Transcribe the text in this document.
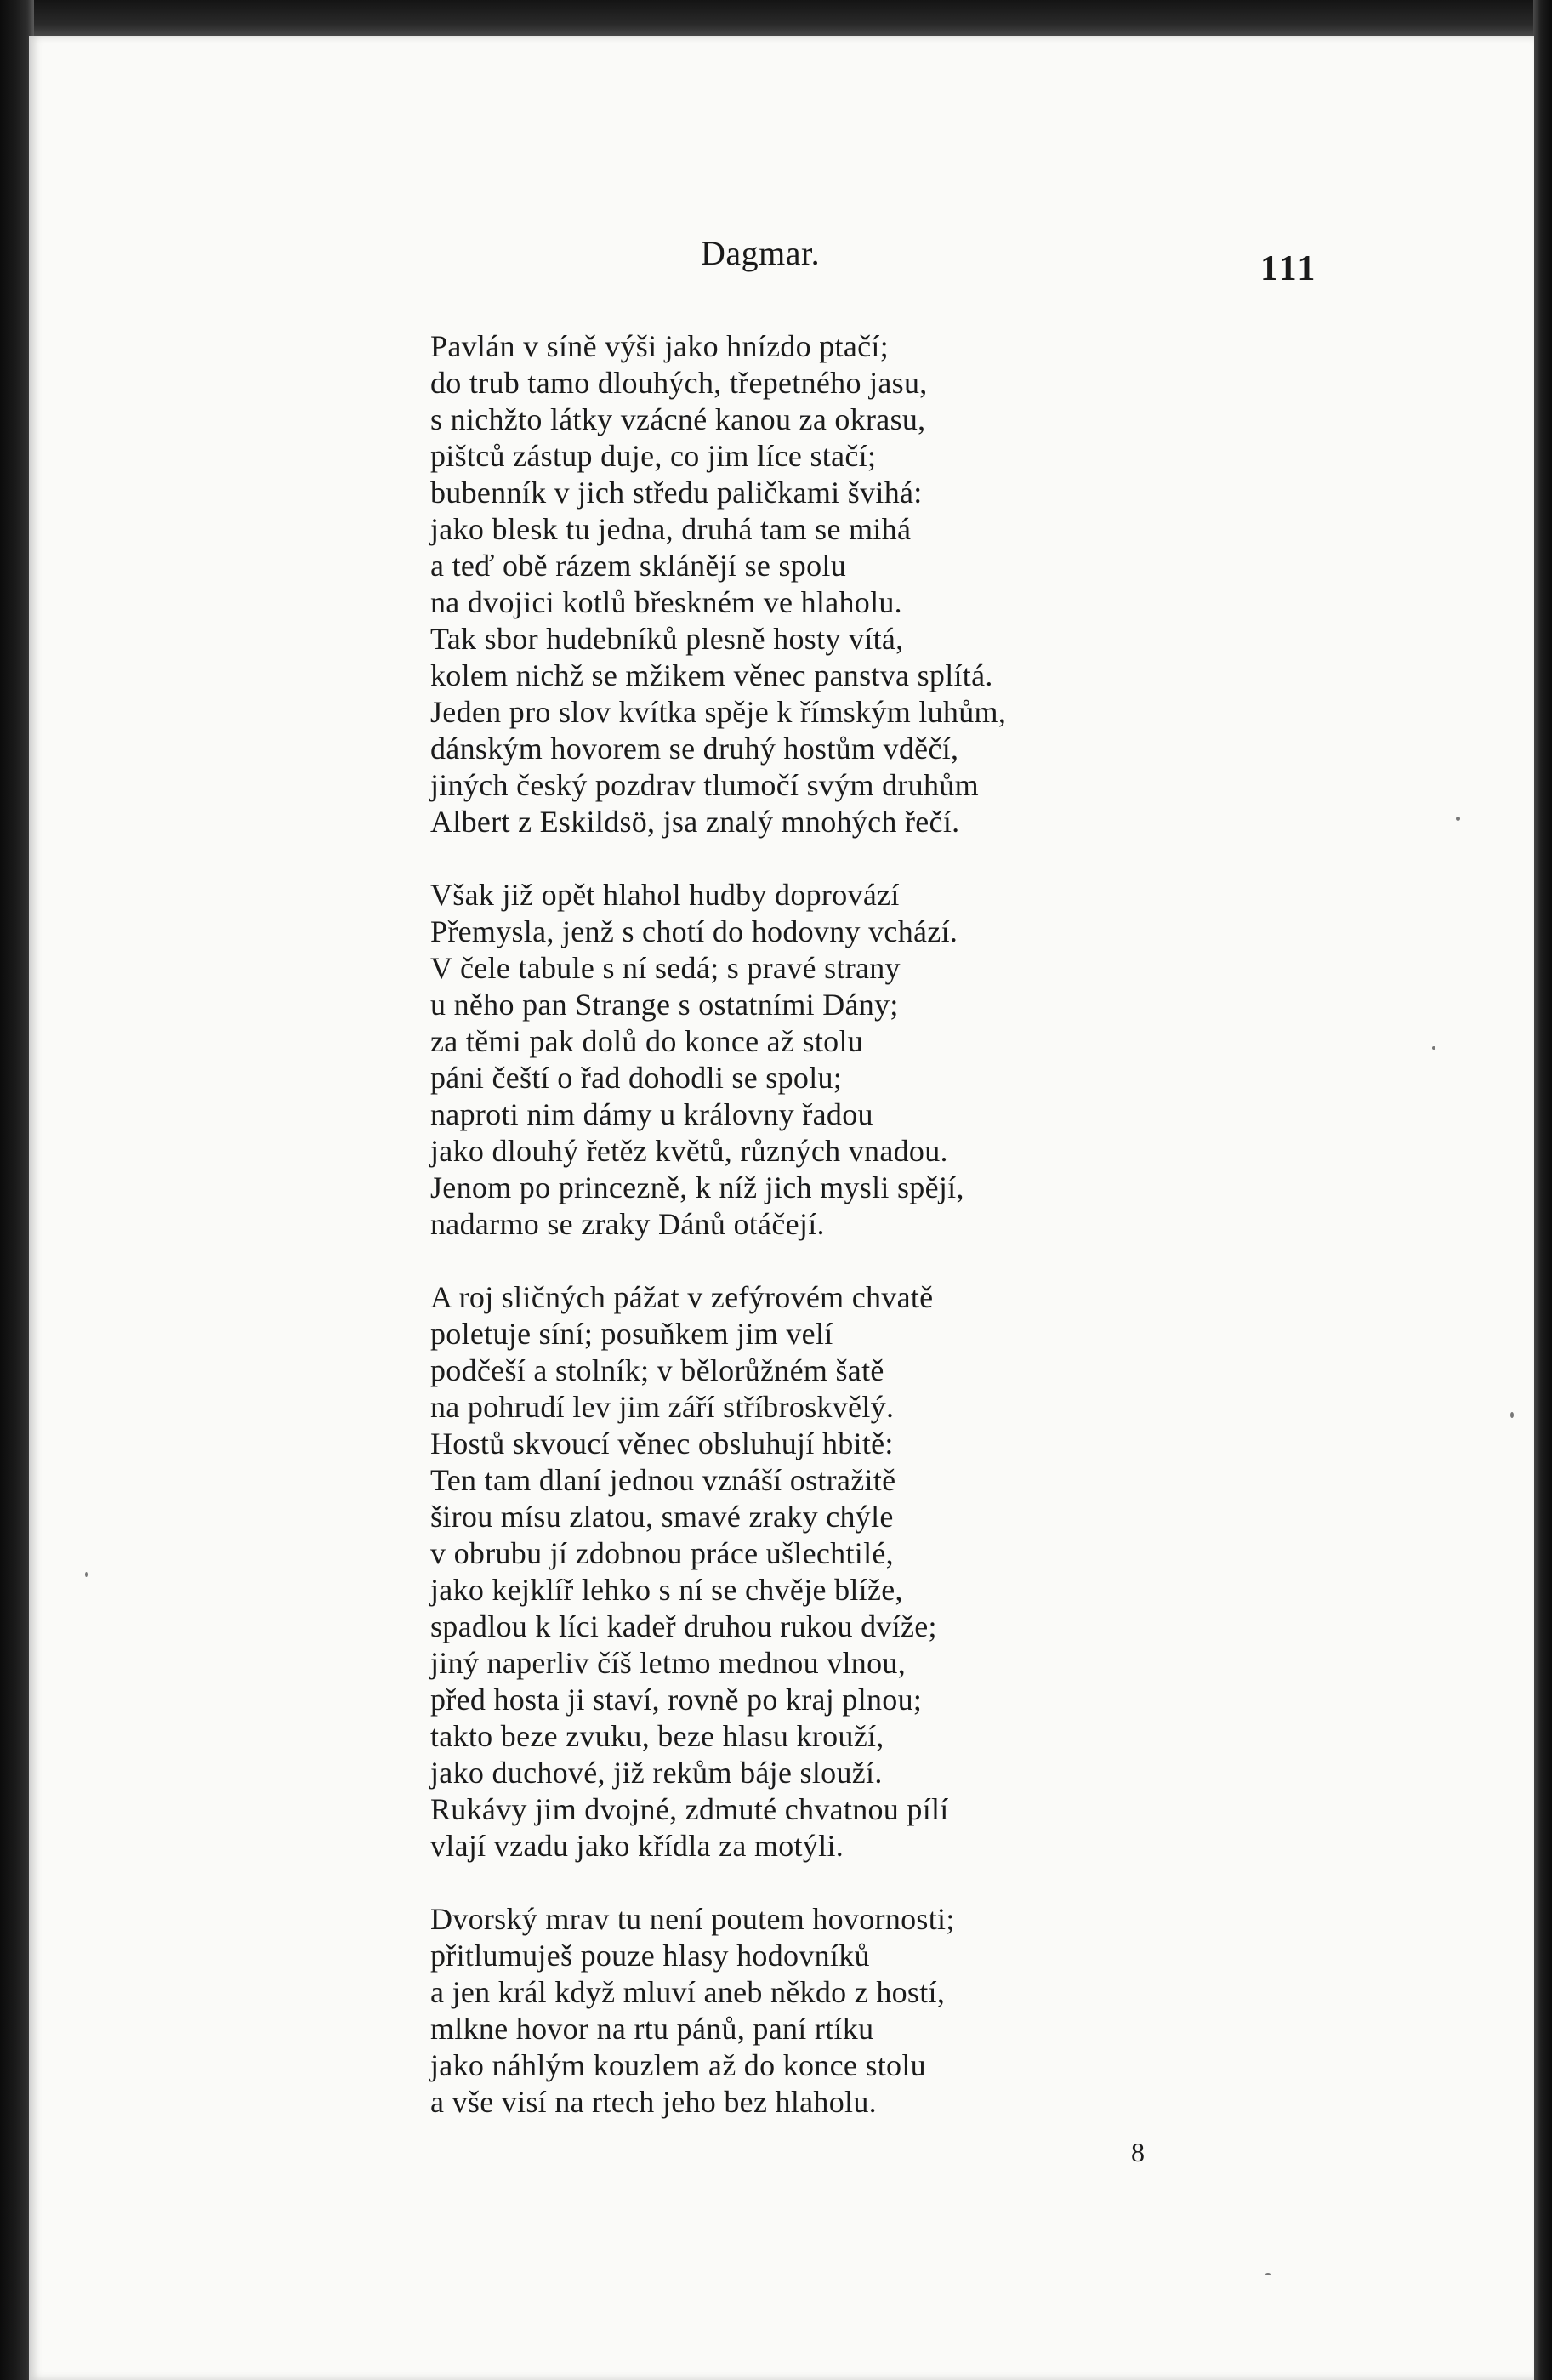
Dagmar.	111
Pavlán v síně výši jako hnízdo ptačí;
do trub tamo dlouhých, třepetného jasu,
s nichžto látky vzácné kanou za okrasu,
pištců zástup duje, co jim líce stačí;
bubenník v jich středu paličkami švihá:
jako blesk tu jedna, druhá tam se mihá
a teď obě rázem sklánějí se spolu
na dvojici kotlů břeskném ve hlaholu.
Tak sbor hudebníků plesně hosty vítá,
kolem nichž se mžikem věnec panstva splítá.
Jeden pro slov kvítka spěje k římským luhům,
dánským hovorem se druhý hostům vděčí,
jiných český pozdrav tlumočí svým druhům
Albert z Eskildsö, jsa znalý mnohých řečí.
Však již opět hlahol hudby doprovází
Přemysla, jenž s chotí do hodovny vchází.
V čele tabule s ní sedá; s pravé strany
u něho pan Strange s ostatními Dány;
za těmi pak dolů do konce až stolu
páni čeští o řad dohodli se spolu;
naproti nim dámy u královny řadou
jako dlouhý řetěz květů, různých vnadou.
Jenom po princezně, k níž jich mysli spějí,
nadarmo se zraky Dánů otáčejí.
A roj sličných pážat v zefýrovém chvatě
poletuje síní; posuňkem jim velí
podčeší a stolník; v bělorůžném šatě
na pohrudí lev jim září stříbroskvělý.
Hostů skvoucí věnec obsluhují hbitě:
Ten tam dlaní jednou vznáší ostražitě
širou mísu zlatou, smavé zraky chýle
v obrubu jí zdobnou práce ušlechtilé,
jako kejklíř lehko s ní se chvěje blíže,
spadlou k líci kadeř druhou rukou dvíže;
jiný naperliv číš letmo mednou vlnou,
před hosta ji staví, rovně po kraj plnou;
takto beze zvuku, beze hlasu krouží,
jako duchové, již rekům báje slouží.
Rukávy jim dvojné, zdmuté chvatnou pílí
vlají vzadu jako křídla za motýli.
Dvorský mrav tu není poutem hovornosti;
přitlumuješ pouze hlasy hodovníků
a jen král když mluví aneb někdo z hostí,
mlkne hovor na rtu pánů, paní rtíku
jako náhlým kouzlem až do konce stolu
a vše visí na rtech jeho bez hlaholu.
8
